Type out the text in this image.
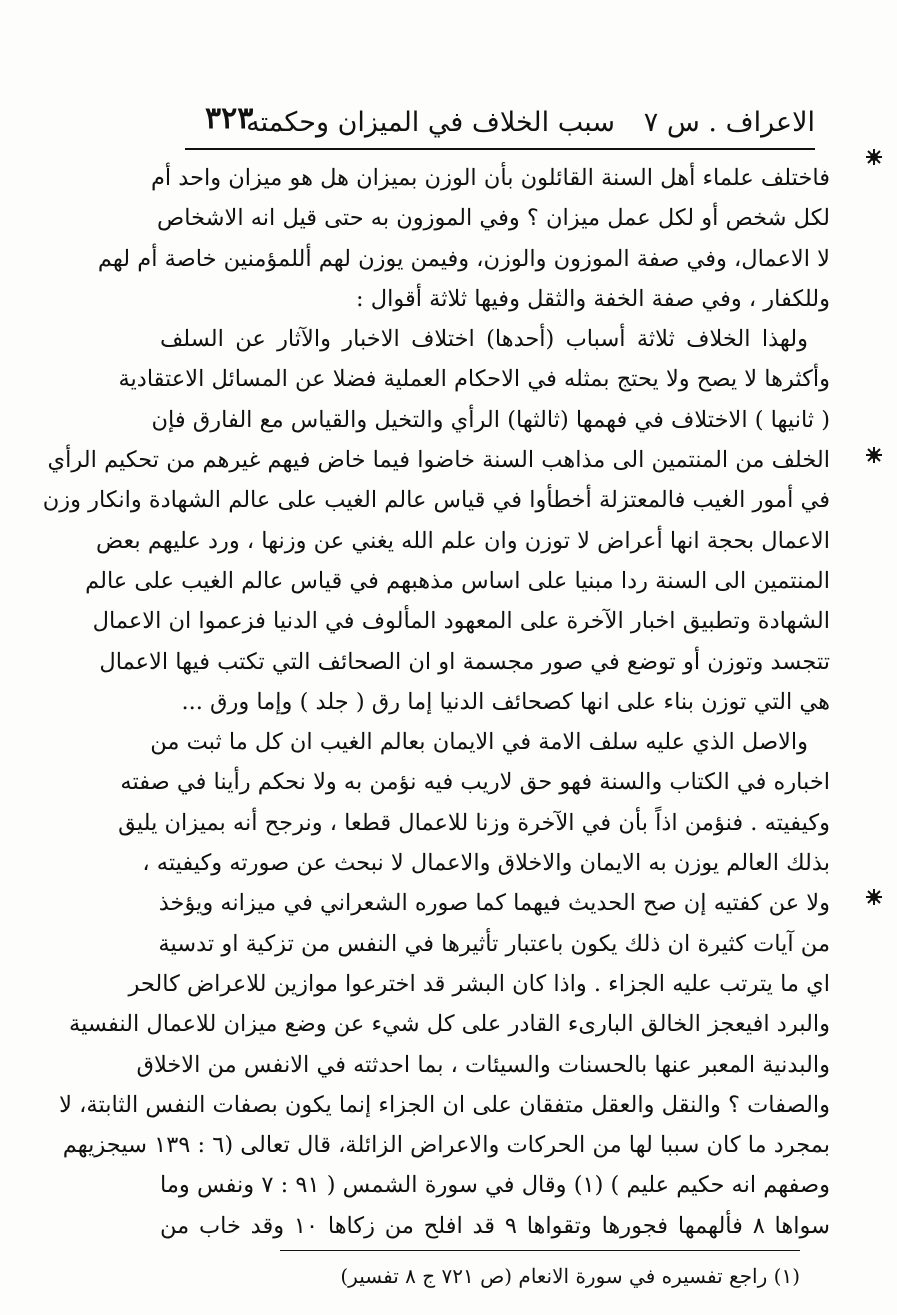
الاعراف . س ٧
سبب الخلاف في الميزان وحكمته
٣٢٣
فاختلف علماء أهل السنة القائلون بأن الوزن بميزان هل هو ميزان واحد أم
لكل شخص أو لكل عمل ميزان ؟ وفي الموزون به حتى قيل انه الاشخاص
لا الاعمال، وفي صفة الموزون والوزن، وفيمن يوزن لهم أللمؤمنين خاصة أم لهم
وللكفار ، وفي صفة الخفة والثقل وفيها ثلاثة أقوال :
ولهذا الخلاف ثلاثة أسباب (أحدها) اختلاف الاخبار والآثار عن السلف
وأكثرها لا يصح ولا يحتج بمثله في الاحكام العملية فضلا عن المسائل الاعتقادية
( ثانيها ) الاختلاف في فهمها (ثالثها) الرأي والتخيل والقياس مع الفارق فإن
الخلف من المنتمين الى مذاهب السنة خاضوا فيما خاض فيهم غيرهم من تحكيم الرأي
في أمور الغيب فالمعتزلة أخطأوا في قياس عالم الغيب على عالم الشهادة وانكار وزن
الاعمال بحجة انها أعراض لا توزن وان علم الله يغني عن وزنها ، ورد عليهم بعض
المنتمين الى السنة ردا مبنيا على اساس مذهبهم في قياس عالم الغيب على عالم
الشهادة وتطبيق اخبار الآخرة على المعهود المألوف في الدنيا فزعموا ان الاعمال
تتجسد وتوزن أو توضع في صور مجسمة او ان الصحائف التي تكتب فيها الاعمال
هي التي توزن بناء على انها كصحائف الدنيا إما رق ( جلد ) وإما ورق ...
والاصل الذي عليه سلف الامة في الايمان بعالم الغيب ان كل ما ثبت من
اخباره في الكتاب والسنة فهو حق لاريب فيه نؤمن به ولا نحكم رأينا في صفته
وكيفيته . فنؤمن اذاً بأن في الآخرة وزنا للاعمال قطعا ، ونرجح أنه بميزان يليق
بذلك العالم يوزن به الايمان والاخلاق والاعمال لا نبحث عن صورته وكيفيته ،
ولا عن كفتيه إن صح الحديث فيهما كما صوره الشعراني في ميزانه ويؤخذ
من آيات كثيرة ان ذلك يكون باعتبار تأثيرها في النفس من تزكية او تدسية
اي ما يترتب عليه الجزاء . واذا كان البشر قد اخترعوا موازين للاعراض كالحر
والبرد افيعجز الخالق البارىء القادر على كل شيء عن وضع ميزان للاعمال النفسية
والبدنية المعبر عنها بالحسنات والسيئات ، بما احدثته في الانفس من الاخلاق
والصفات ؟ والنقل والعقل متفقان على ان الجزاء إنما يكون بصفات النفس الثابتة، لا
بمجرد ما كان سببا لها من الحركات والاعراض الزائلة، قال تعالى (٦ : ١٣٩ سيجزيهم
وصفهم انه حكيم عليم ) (١) وقال في سورة الشمس ( ٩١ : ٧ ونفس وما
سواها ٨ فألهمها فجورها وتقواها ٩ قد افلح من زكاها ١٠ وقد خاب من
(١) راجع تفسيره في سورة الانعام (ص ٧٢١ ج ٨ تفسير)
